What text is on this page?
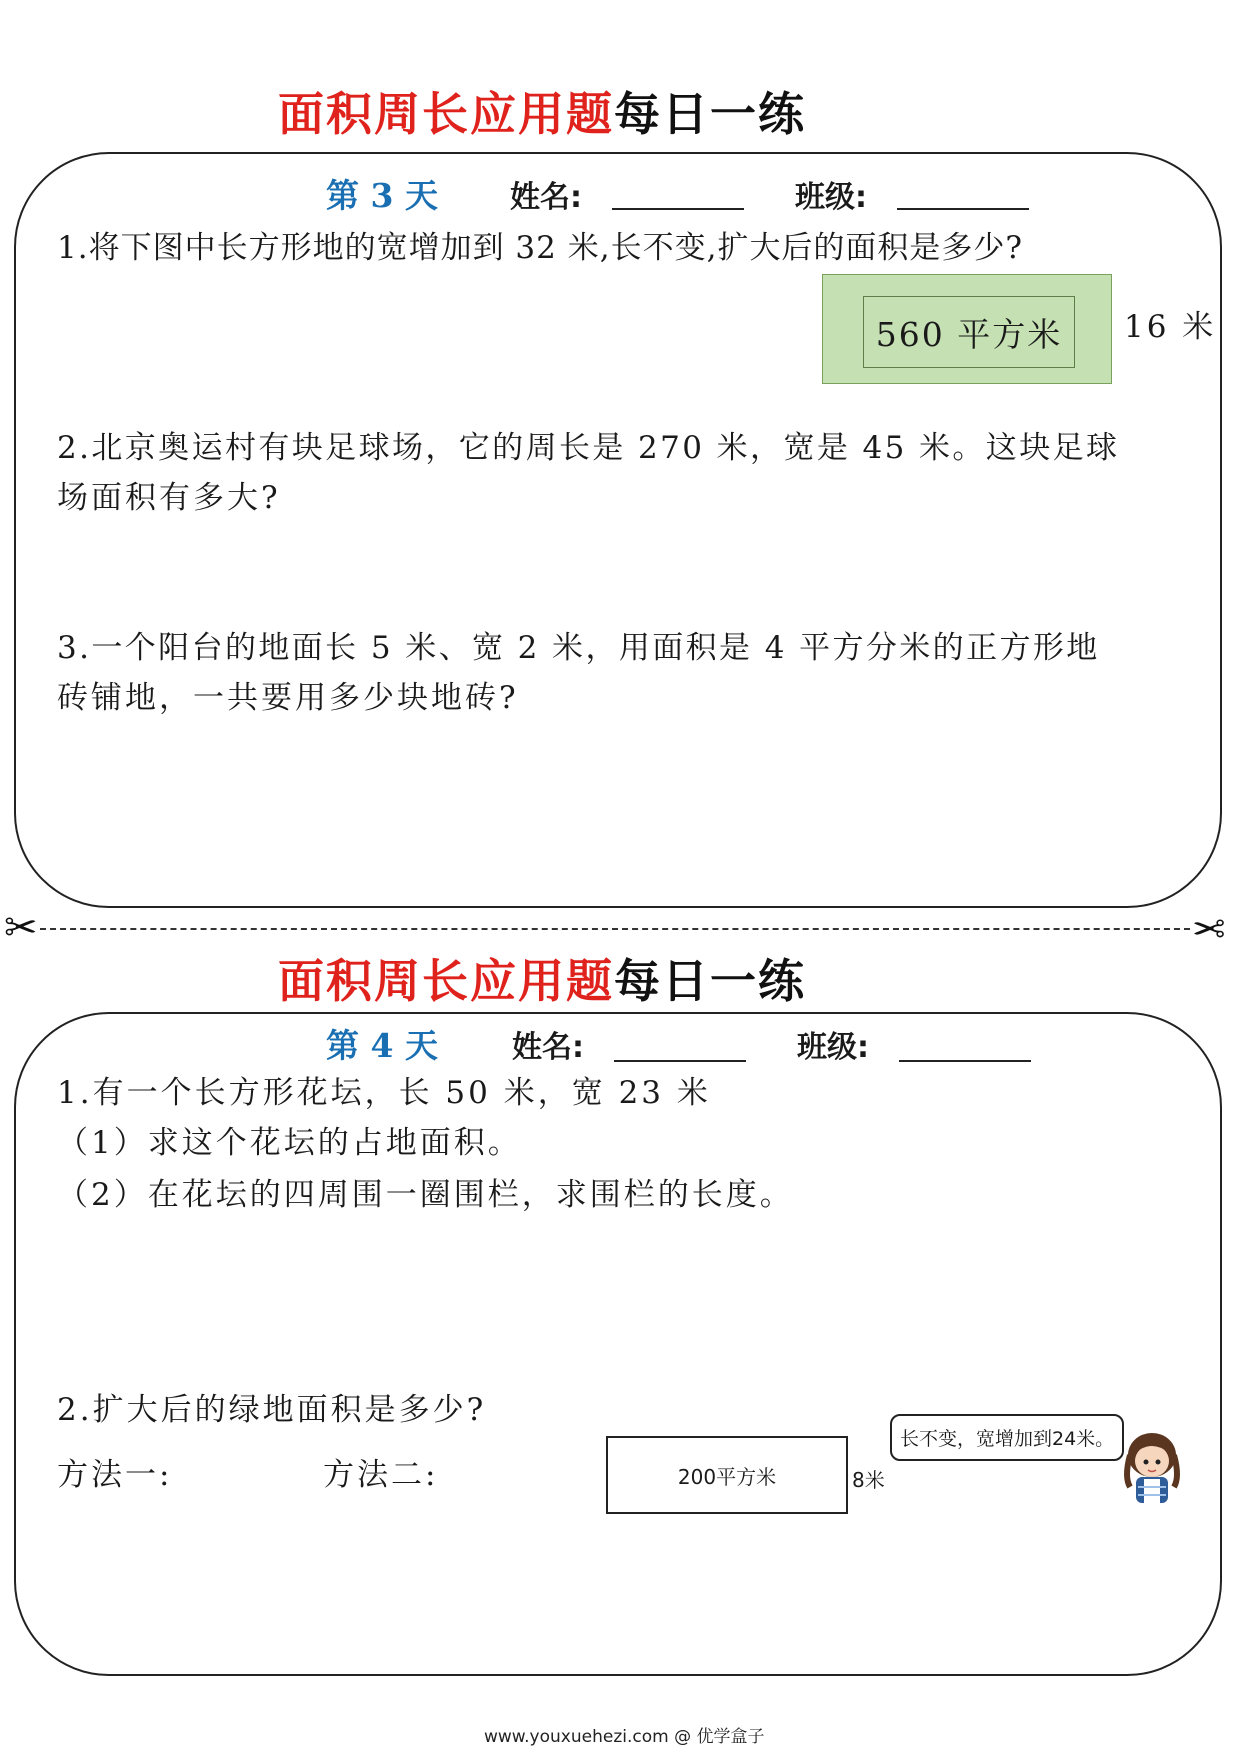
面积周长应用题每日一练
第 3 天 姓名:	班级:
1.将下图中长方形地的宽增加到 32 米,长不变,扩大后的面积是多少?
560 平方米	16 米
2.北京奥运村有块足球场，它的周长是 270 米，宽是 45 米。这块足球
场面积有多大?
3.一个阳台的地面长 5 米、宽 2 米，用面积是 4 平方分米的正方形地
砖铺地，一共要用多少块地砖?
✂	✂
面积周长应用题每日一练
第 4 天 姓名:	班级:
1.有一个长方形花坛，长 50 米，宽 23 米
（1）求这个花坛的占地面积。
（2）在花坛的四周围一圈围栏，求围栏的长度。
2.扩大后的绿地面积是多少?
方法一:	方法二:	200平方米	8米
长不变，宽增加到24米。
www.youxuehezi.com @ 优学盒子
